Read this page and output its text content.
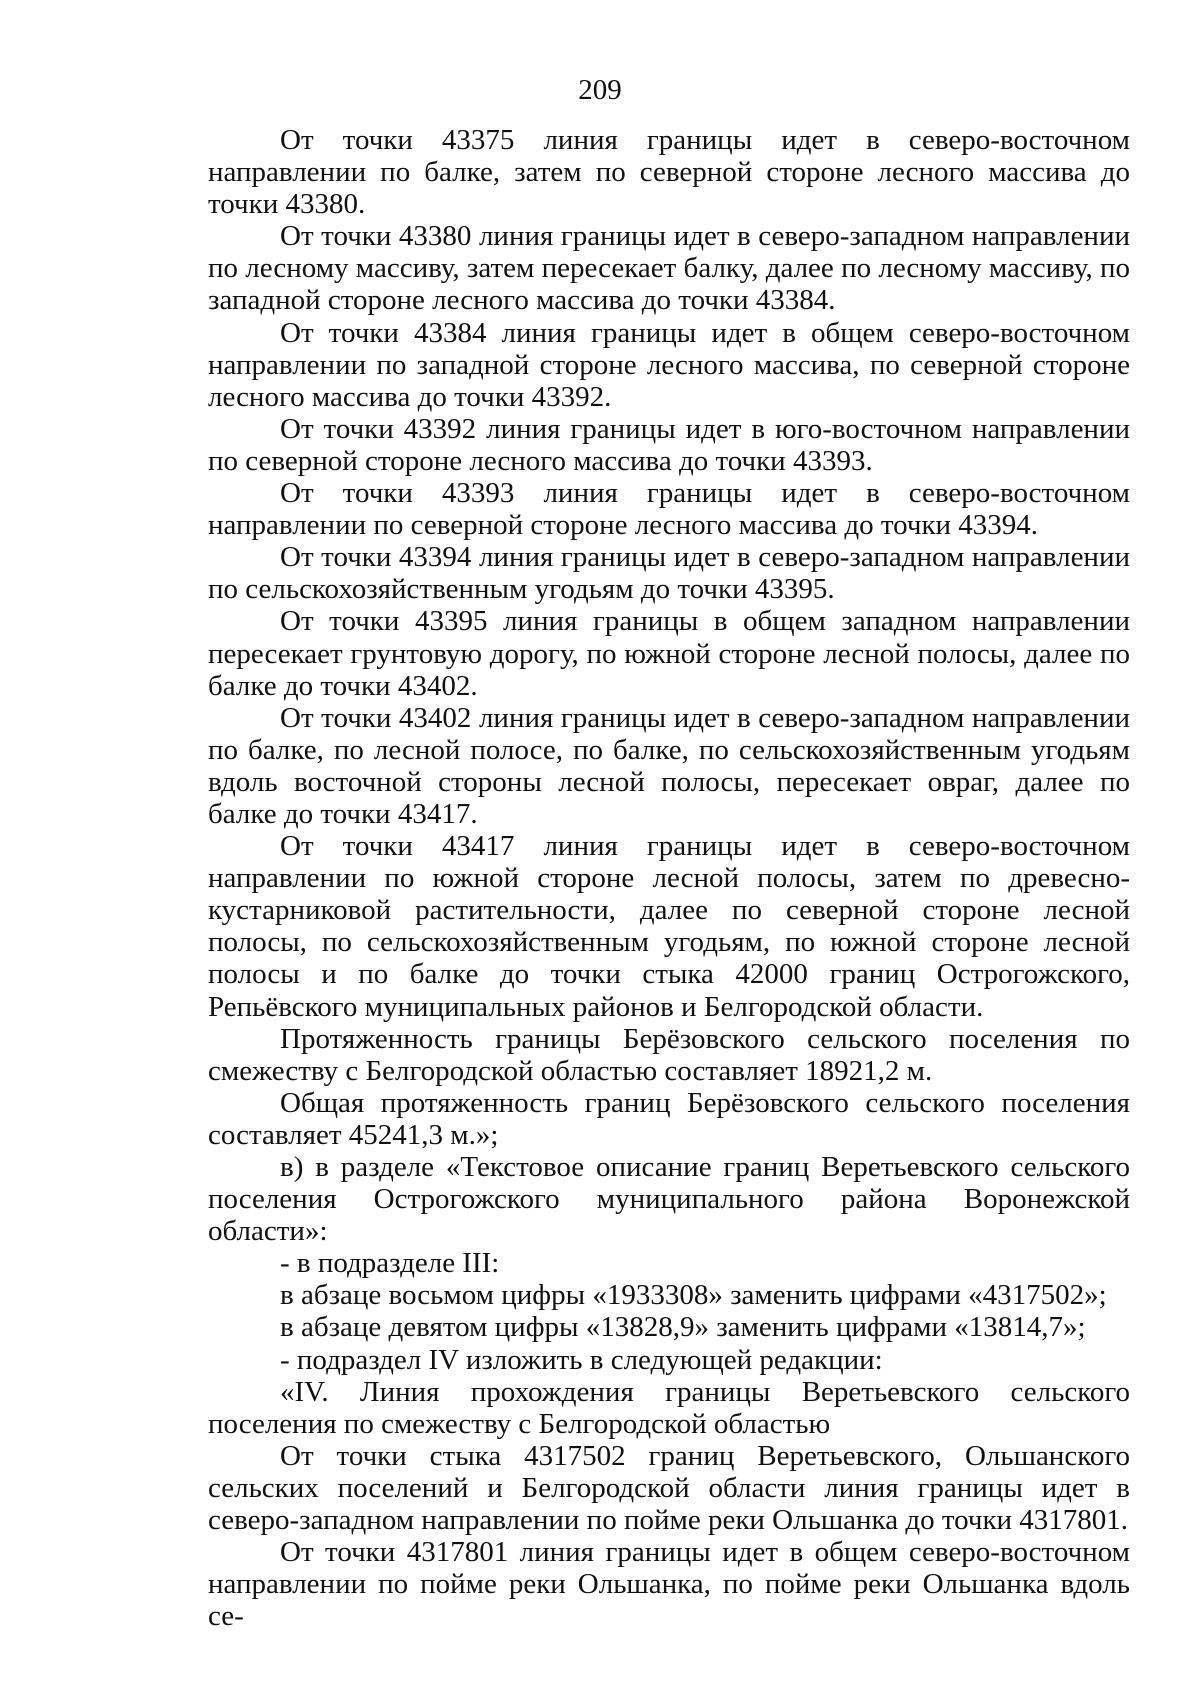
209

От точки 43375 линия границы идет в северо-восточном направлении по балке, затем по северной стороне лесного массива до точки 43380.

От точки 43380 линия границы идет в северо-западном направлении по лесному массиву, затем пересекает балку, далее по лесному массиву, по западной стороне лесного массива до точки 43384.

От точки 43384 линия границы идет в общем северо-восточном направлении по западной стороне лесного массива, по северной стороне лесного массива до точки 43392.

От точки 43392 линия границы идет в юго-восточном направлении по северной стороне лесного массива до точки 43393.

От точки 43393 линия границы идет в северо-восточном направлении по северной стороне лесного массива до точки 43394.

От точки 43394 линия границы идет в северо-западном направлении по сельскохозяйственным угодьям до точки 43395.

От точки 43395 линия границы в общем западном направлении пересекает грунтовую дорогу, по южной стороне лесной полосы, далее по балке до точки 43402.

От точки 43402 линия границы идет в северо-западном направлении по балке, по лесной полосе, по балке, по сельскохозяйственным угодьям вдоль восточной стороны лесной полосы, пересекает овраг, далее по балке до точки 43417.

От точки 43417 линия границы идет в северо-восточном направлении по южной стороне лесной полосы, затем по древесно-кустарниковой растительности, далее по северной стороне лесной полосы, по сельскохозяйственным угодьям, по южной стороне лесной полосы и по балке до точки стыка 42000 границ Острогожского, Репьёвского муниципальных районов и Белгородской области.

Протяженность границы Берёзовского сельского поселения по смежеству с Белгородской областью составляет 18921,2 м.

Общая протяженность границ Берёзовского сельского поселения составляет 45241,3 м.»;

в) в разделе «Текстовое описание границ Веретьевского сельского поселения Острогожского муниципального района Воронежской области»:

- в подразделе III:

в абзаце восьмом цифры «1933308» заменить цифрами «4317502»;

в абзаце девятом цифры «13828,9» заменить цифрами «13814,7»;

- подраздел IV изложить в следующей редакции:

«IV. Линия прохождения границы Веретьевского сельского поселения по смежеству с Белгородской областью

От точки стыка 4317502 границ Веретьевского, Ольшанского сельских поселений и Белгородской области линия границы идет в северо-западном направлении по пойме реки Ольшанка до точки 4317801.

От точки 4317801 линия границы идет в общем северо-восточном направлении по пойме реки Ольшанка, по пойме реки Ольшанка вдоль се-
